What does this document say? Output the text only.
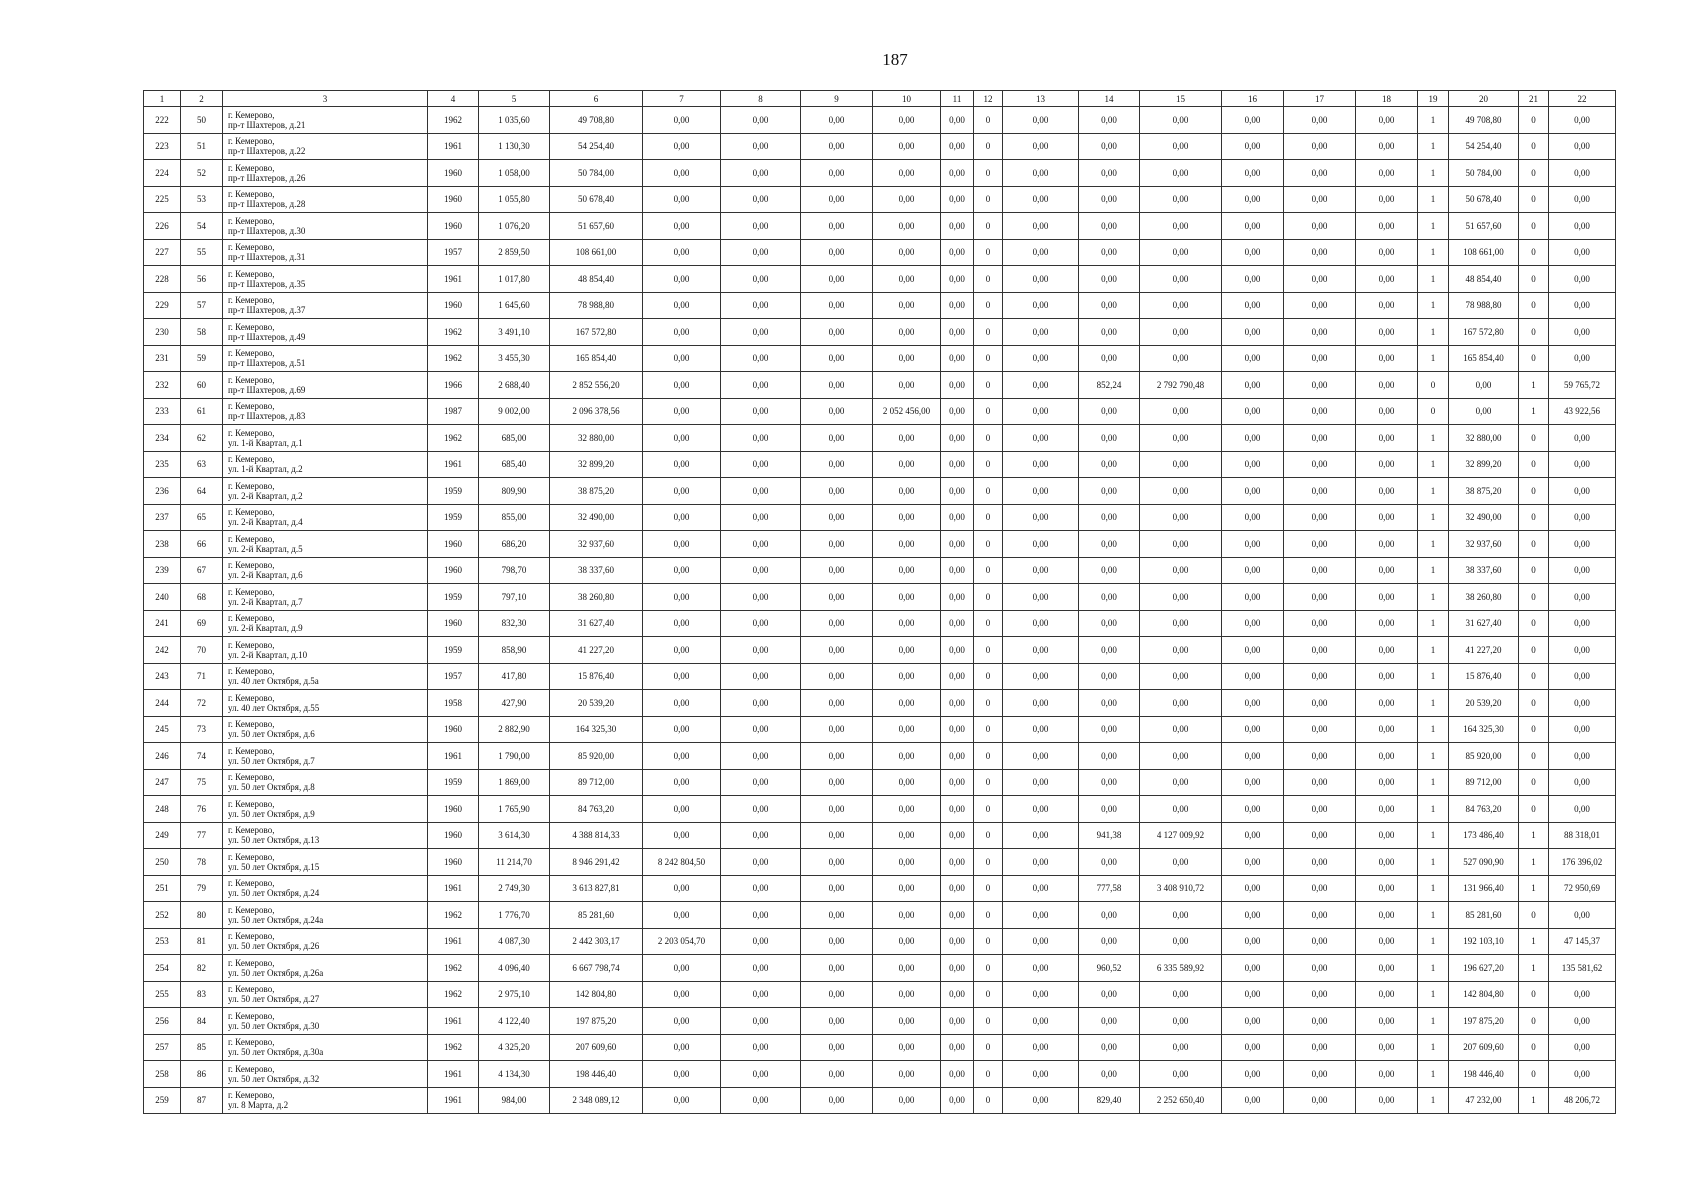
187
1	2	3	4	5	6	7	8	9	10	11	12	13	14	15	16	17	18	19	20	21	22
222	50	г. Кемерово,
пр-т Шахтеров, д.21	1962	1 035,60	49 708,80	0,00	0,00	0,00	0,00	0,00	0	0,00	0,00	0,00	0,00	0,00	0,00	1	49 708,80	0	0,00
223	51	г. Кемерово,
пр-т Шахтеров, д.22	1961	1 130,30	54 254,40	0,00	0,00	0,00	0,00	0,00	0	0,00	0,00	0,00	0,00	0,00	0,00	1	54 254,40	0	0,00
224	52	г. Кемерово,
пр-т Шахтеров, д.26	1960	1 058,00	50 784,00	0,00	0,00	0,00	0,00	0,00	0	0,00	0,00	0,00	0,00	0,00	0,00	1	50 784,00	0	0,00
225	53	г. Кемерово,
пр-т Шахтеров, д.28	1960	1 055,80	50 678,40	0,00	0,00	0,00	0,00	0,00	0	0,00	0,00	0,00	0,00	0,00	0,00	1	50 678,40	0	0,00
226	54	г. Кемерово,
пр-т Шахтеров, д.30	1960	1 076,20	51 657,60	0,00	0,00	0,00	0,00	0,00	0	0,00	0,00	0,00	0,00	0,00	0,00	1	51 657,60	0	0,00
227	55	г. Кемерово,
пр-т Шахтеров, д.31	1957	2 859,50	108 661,00	0,00	0,00	0,00	0,00	0,00	0	0,00	0,00	0,00	0,00	0,00	0,00	1	108 661,00	0	0,00
228	56	г. Кемерово,
пр-т Шахтеров, д.35	1961	1 017,80	48 854,40	0,00	0,00	0,00	0,00	0,00	0	0,00	0,00	0,00	0,00	0,00	0,00	1	48 854,40	0	0,00
229	57	г. Кемерово,
пр-т Шахтеров, д.37	1960	1 645,60	78 988,80	0,00	0,00	0,00	0,00	0,00	0	0,00	0,00	0,00	0,00	0,00	0,00	1	78 988,80	0	0,00
230	58	г. Кемерово,
пр-т Шахтеров, д.49	1962	3 491,10	167 572,80	0,00	0,00	0,00	0,00	0,00	0	0,00	0,00	0,00	0,00	0,00	0,00	1	167 572,80	0	0,00
231	59	г. Кемерово,
пр-т Шахтеров, д.51	1962	3 455,30	165 854,40	0,00	0,00	0,00	0,00	0,00	0	0,00	0,00	0,00	0,00	0,00	0,00	1	165 854,40	0	0,00
232	60	г. Кемерово,
пр-т Шахтеров, д.69	1966	2 688,40	2 852 556,20	0,00	0,00	0,00	0,00	0,00	0	0,00	852,24	2 792 790,48	0,00	0,00	0,00	0	0,00	1	59 765,72
233	61	г. Кемерово,
пр-т Шахтеров, д.83	1987	9 002,00	2 096 378,56	0,00	0,00	0,00	2 052 456,00	0,00	0	0,00	0,00	0,00	0,00	0,00	0,00	0	0,00	1	43 922,56
234	62	г. Кемерово,
ул. 1-й Квартал, д.1	1962	685,00	32 880,00	0,00	0,00	0,00	0,00	0,00	0	0,00	0,00	0,00	0,00	0,00	0,00	1	32 880,00	0	0,00
235	63	г. Кемерово,
ул. 1-й Квартал, д.2	1961	685,40	32 899,20	0,00	0,00	0,00	0,00	0,00	0	0,00	0,00	0,00	0,00	0,00	0,00	1	32 899,20	0	0,00
236	64	г. Кемерово,
ул. 2-й Квартал, д.2	1959	809,90	38 875,20	0,00	0,00	0,00	0,00	0,00	0	0,00	0,00	0,00	0,00	0,00	0,00	1	38 875,20	0	0,00
237	65	г. Кемерово,
ул. 2-й Квартал, д.4	1959	855,00	32 490,00	0,00	0,00	0,00	0,00	0,00	0	0,00	0,00	0,00	0,00	0,00	0,00	1	32 490,00	0	0,00
238	66	г. Кемерово,
ул. 2-й Квартал, д.5	1960	686,20	32 937,60	0,00	0,00	0,00	0,00	0,00	0	0,00	0,00	0,00	0,00	0,00	0,00	1	32 937,60	0	0,00
239	67	г. Кемерово,
ул. 2-й Квартал, д.6	1960	798,70	38 337,60	0,00	0,00	0,00	0,00	0,00	0	0,00	0,00	0,00	0,00	0,00	0,00	1	38 337,60	0	0,00
240	68	г. Кемерово,
ул. 2-й Квартал, д.7	1959	797,10	38 260,80	0,00	0,00	0,00	0,00	0,00	0	0,00	0,00	0,00	0,00	0,00	0,00	1	38 260,80	0	0,00
241	69	г. Кемерово,
ул. 2-й Квартал, д.9	1960	832,30	31 627,40	0,00	0,00	0,00	0,00	0,00	0	0,00	0,00	0,00	0,00	0,00	0,00	1	31 627,40	0	0,00
242	70	г. Кемерово,
ул. 2-й Квартал, д.10	1959	858,90	41 227,20	0,00	0,00	0,00	0,00	0,00	0	0,00	0,00	0,00	0,00	0,00	0,00	1	41 227,20	0	0,00
243	71	г. Кемерово,
ул. 40 лет Октября, д.5а	1957	417,80	15 876,40	0,00	0,00	0,00	0,00	0,00	0	0,00	0,00	0,00	0,00	0,00	0,00	1	15 876,40	0	0,00
244	72	г. Кемерово,
ул. 40 лет Октября, д.55	1958	427,90	20 539,20	0,00	0,00	0,00	0,00	0,00	0	0,00	0,00	0,00	0,00	0,00	0,00	1	20 539,20	0	0,00
245	73	г. Кемерово,
ул. 50 лет Октября, д.6	1960	2 882,90	164 325,30	0,00	0,00	0,00	0,00	0,00	0	0,00	0,00	0,00	0,00	0,00	0,00	1	164 325,30	0	0,00
246	74	г. Кемерово,
ул. 50 лет Октября, д.7	1961	1 790,00	85 920,00	0,00	0,00	0,00	0,00	0,00	0	0,00	0,00	0,00	0,00	0,00	0,00	1	85 920,00	0	0,00
247	75	г. Кемерово,
ул. 50 лет Октября, д.8	1959	1 869,00	89 712,00	0,00	0,00	0,00	0,00	0,00	0	0,00	0,00	0,00	0,00	0,00	0,00	1	89 712,00	0	0,00
248	76	г. Кемерово,
ул. 50 лет Октября, д.9	1960	1 765,90	84 763,20	0,00	0,00	0,00	0,00	0,00	0	0,00	0,00	0,00	0,00	0,00	0,00	1	84 763,20	0	0,00
249	77	г. Кемерово,
ул. 50 лет Октября, д.13	1960	3 614,30	4 388 814,33	0,00	0,00	0,00	0,00	0,00	0	0,00	941,38	4 127 009,92	0,00	0,00	0,00	1	173 486,40	1	88 318,01
250	78	г. Кемерово,
ул. 50 лет Октября, д.15	1960	11 214,70	8 946 291,42	8 242 804,50	0,00	0,00	0,00	0,00	0	0,00	0,00	0,00	0,00	0,00	0,00	1	527 090,90	1	176 396,02
251	79	г. Кемерово,
ул. 50 лет Октября, д.24	1961	2 749,30	3 613 827,81	0,00	0,00	0,00	0,00	0,00	0	0,00	777,58	3 408 910,72	0,00	0,00	0,00	1	131 966,40	1	72 950,69
252	80	г. Кемерово,
ул. 50 лет Октября, д.24а	1962	1 776,70	85 281,60	0,00	0,00	0,00	0,00	0,00	0	0,00	0,00	0,00	0,00	0,00	0,00	1	85 281,60	0	0,00
253	81	г. Кемерово,
ул. 50 лет Октября, д.26	1961	4 087,30	2 442 303,17	2 203 054,70	0,00	0,00	0,00	0,00	0	0,00	0,00	0,00	0,00	0,00	0,00	1	192 103,10	1	47 145,37
254	82	г. Кемерово,
ул. 50 лет Октября, д.26а	1962	4 096,40	6 667 798,74	0,00	0,00	0,00	0,00	0,00	0	0,00	960,52	6 335 589,92	0,00	0,00	0,00	1	196 627,20	1	135 581,62
255	83	г. Кемерово,
ул. 50 лет Октября, д.27	1962	2 975,10	142 804,80	0,00	0,00	0,00	0,00	0,00	0	0,00	0,00	0,00	0,00	0,00	0,00	1	142 804,80	0	0,00
256	84	г. Кемерово,
ул. 50 лет Октября, д.30	1961	4 122,40	197 875,20	0,00	0,00	0,00	0,00	0,00	0	0,00	0,00	0,00	0,00	0,00	0,00	1	197 875,20	0	0,00
257	85	г. Кемерово,
ул. 50 лет Октября, д.30а	1962	4 325,20	207 609,60	0,00	0,00	0,00	0,00	0,00	0	0,00	0,00	0,00	0,00	0,00	0,00	1	207 609,60	0	0,00
258	86	г. Кемерово,
ул. 50 лет Октября, д.32	1961	4 134,30	198 446,40	0,00	0,00	0,00	0,00	0,00	0	0,00	0,00	0,00	0,00	0,00	0,00	1	198 446,40	0	0,00
259	87	г. Кемерово,
ул. 8 Марта, д.2	1961	984,00	2 348 089,12	0,00	0,00	0,00	0,00	0,00	0	0,00	829,40	2 252 650,40	0,00	0,00	0,00	1	47 232,00	1	48 206,72
